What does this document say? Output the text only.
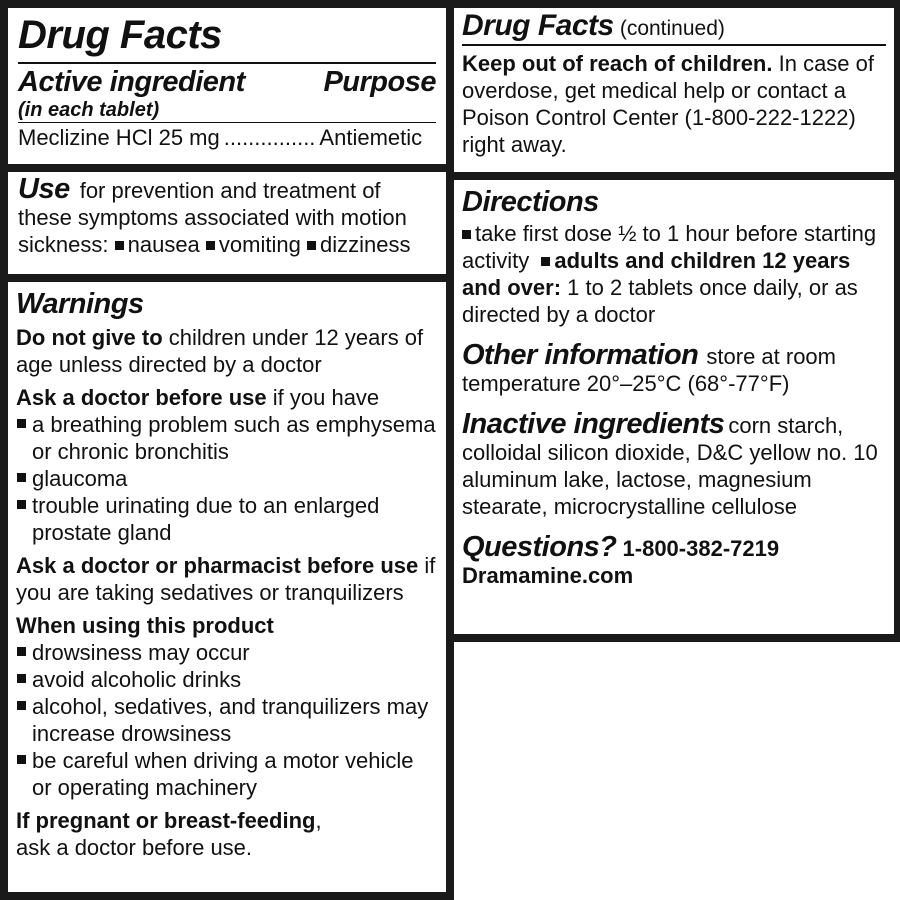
Drug Facts
Active ingredient	Purpose
(in each tablet)
Meclizine HCl 25 mg ............... Antiemetic

Use for prevention and treatment of these symptoms associated with motion sickness: nausea vomiting dizziness

Warnings

Do not give to children under 12 years of age unless directed by a doctor

Ask a doctor before use if you have

a breathing problem such as emphysema or chronic bronchitis
glaucoma
trouble urinating due to an enlarged prostate gland

Ask a doctor or pharmacist before use if you are taking sedatives or tranquilizers

When using this product

drowsiness may occur
avoid alcoholic drinks
alcohol, sedatives, and tranquilizers may increase drowsiness
be careful when driving a motor vehicle or operating machinery

If pregnant or breast-feeding,
ask a doctor before use.

Drug Facts (continued)

Keep out of reach of children. In case of overdose, get medical help or contact a Poison Control Center (1-800-222-1222) right away.

Directions

take first dose ½ to 1 hour before starting activity adults and children 12 years and over: 1 to 2 tablets once daily, or as directed by a doctor

Other information store at room temperature 20°–25°C (68°-77°F)

Inactive ingredients corn starch, colloidal silicon dioxide, D&C yellow no. 10 aluminum lake, lactose, magnesium stearate, microcrystalline cellulose

Questions? 1-800-382-7219

Dramamine.com
